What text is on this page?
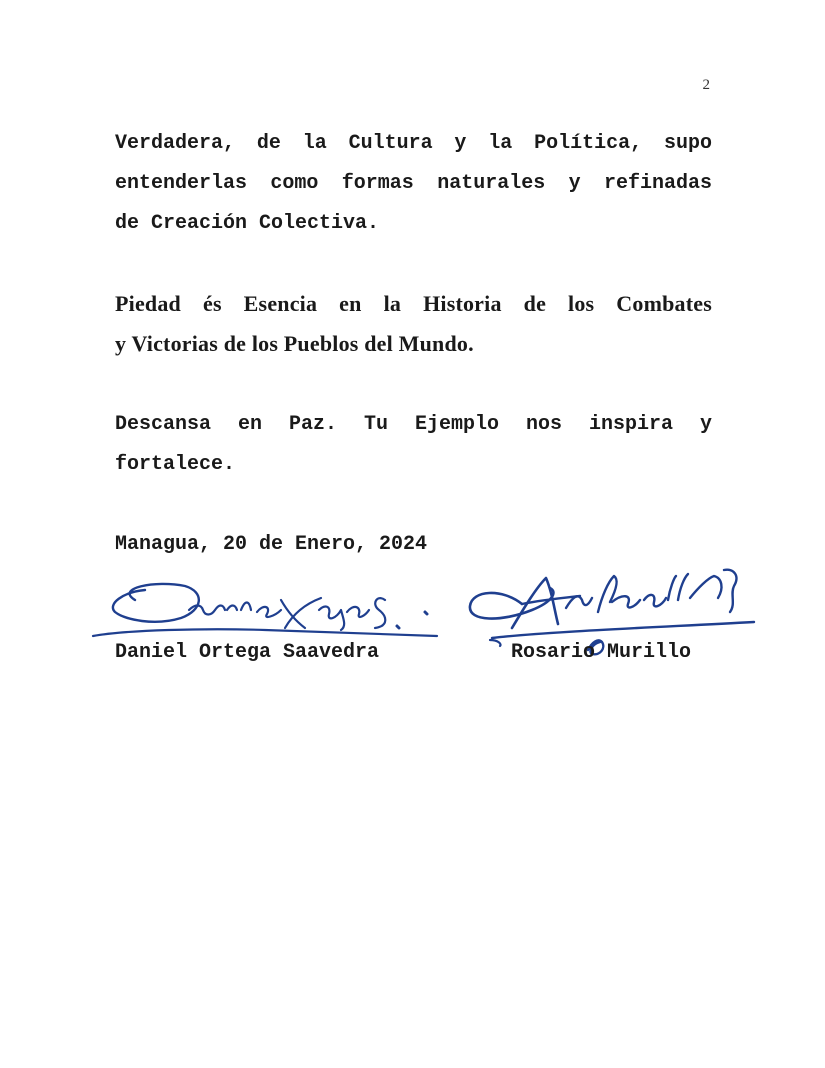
2
Verdadera, de la Cultura y la Política, supo
entenderlas como formas naturales y refinadas
de Creación Colectiva.
Piedad és Esencia en la Historia de los Combates
y Victorias de los Pueblos del Mundo.
Descansa en Paz. Tu Ejemplo nos inspira y
fortalece.
Managua, 20 de Enero, 2024
Daniel Ortega Saavedra	Rosario Murillo
